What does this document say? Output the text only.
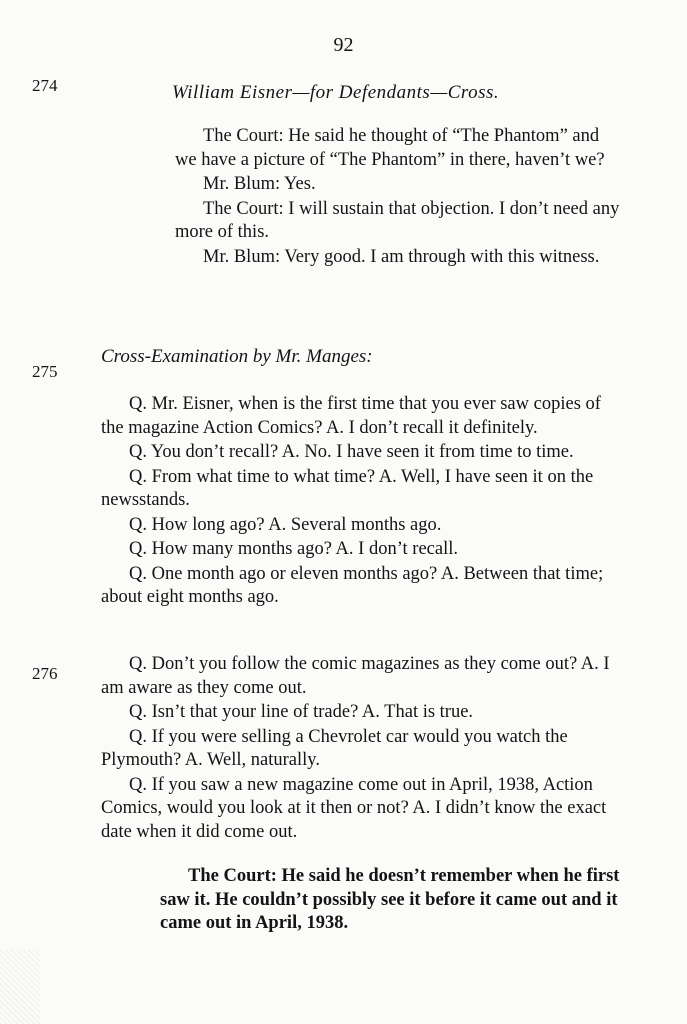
92
274	William Eisner—for Defendants—Cross.

The Court: He said he thought of “The Phantom” and we have a picture of “The Phantom” in there, haven’t we?

Mr. Blum: Yes.

The Court: I will sustain that objection. I don’t need any more of this.

Mr. Blum: Very good. I am through with this witness.

Cross-Examination by Mr. Manges:
275

Q. Mr. Eisner, when is the first time that you ever saw copies of the magazine Action Comics? A. I don’t recall it definitely.

Q. You don’t recall? A. No. I have seen it from time to time.

Q. From what time to what time? A. Well, I have seen it on the newsstands.

Q. How long ago? A. Several months ago.

Q. How many months ago? A. I don’t recall.

Q. One month ago or eleven months ago? A. Between that time; about eight months ago.

276	Q. Don’t you follow the comic magazines as they come out? A. I am aware as they come out.

Q. Isn’t that your line of trade? A. That is true.

Q. If you were selling a Chevrolet car would you watch the Plymouth? A. Well, naturally.

Q. If you saw a new magazine come out in April, 1938, Action Comics, would you look at it then or not? A. I didn’t know the exact date when it did come out.

The Court: He said he doesn’t remember when he first saw it. He couldn’t possibly see it before it came out and it came out in April, 1938.
